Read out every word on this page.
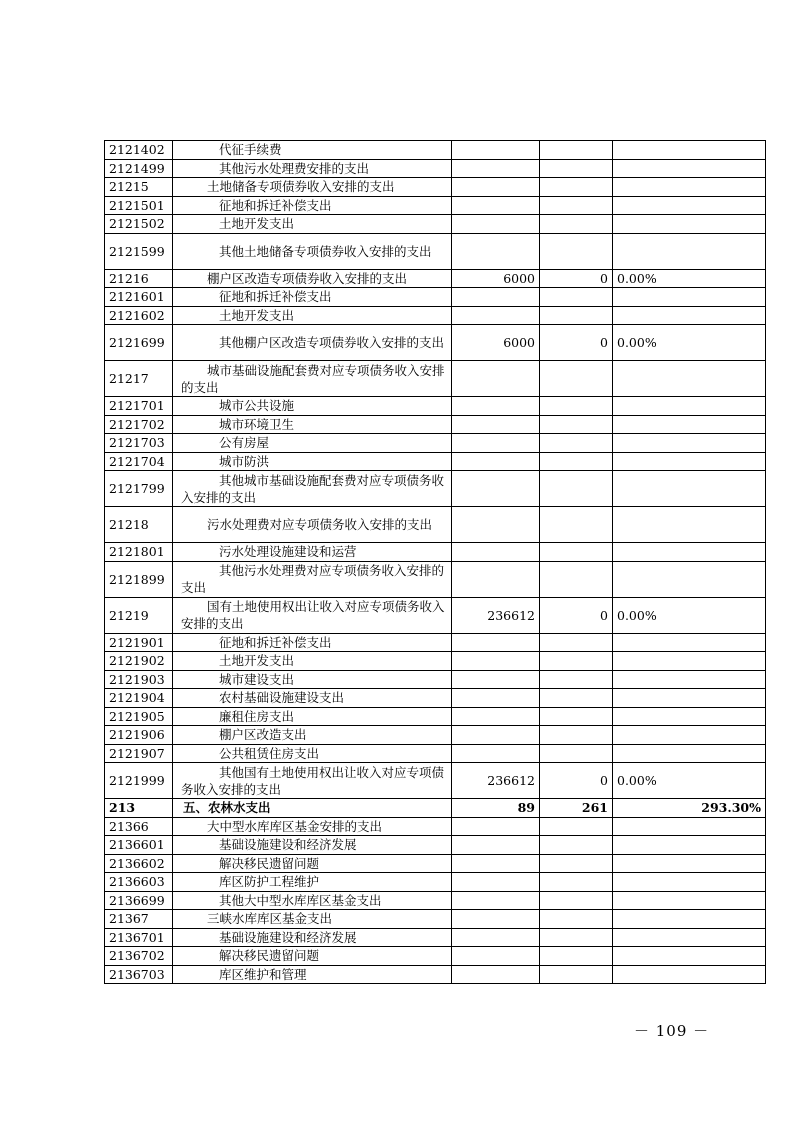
2121402	代征手续费			
2121499	其他污水处理费安排的支出			
21215	土地储备专项债券收入安排的支出			
2121501	征地和拆迁补偿支出			
2121502	土地开发支出			
2121599	其他土地储备专项债券收入安排的支出			
21216	棚户区改造专项债券收入安排的支出	6000	0	0.00%
2121601	征地和拆迁补偿支出			
2121602	土地开发支出			
2121699	其他棚户区改造专项债券收入安排的支出	6000	0	0.00%
21217	城市基础设施配套费对应专项债务收入安排的支出			
2121701	城市公共设施			
2121702	城市环境卫生			
2121703	公有房屋			
2121704	城市防洪			
2121799	其他城市基础设施配套费对应专项债务收入安排的支出			
21218	污水处理费对应专项债务收入安排的支出			
2121801	污水处理设施建设和运营			
2121899	其他污水处理费对应专项债务收入安排的支出			
21219	国有土地使用权出让收入对应专项债务收入安排的支出	236612	0	0.00%
2121901	征地和拆迁补偿支出			
2121902	土地开发支出			
2121903	城市建设支出			
2121904	农村基础设施建设支出			
2121905	廉租住房支出			
2121906	棚户区改造支出			
2121907	公共租赁住房支出			
2121999	其他国有土地使用权出让收入对应专项债务收入安排的支出	236612	0	0.00%
213	五、农林水支出	89	261	293.30%
21366	大中型水库库区基金安排的支出			
2136601	基础设施建设和经济发展			
2136602	解决移民遗留问题			
2136603	库区防护工程维护			
2136699	其他大中型水库库区基金支出			
21367	三峡水库库区基金支出			
2136701	基础设施建设和经济发展			
2136702	解决移民遗留问题			
2136703	库区维护和管理			
－ 109 －
